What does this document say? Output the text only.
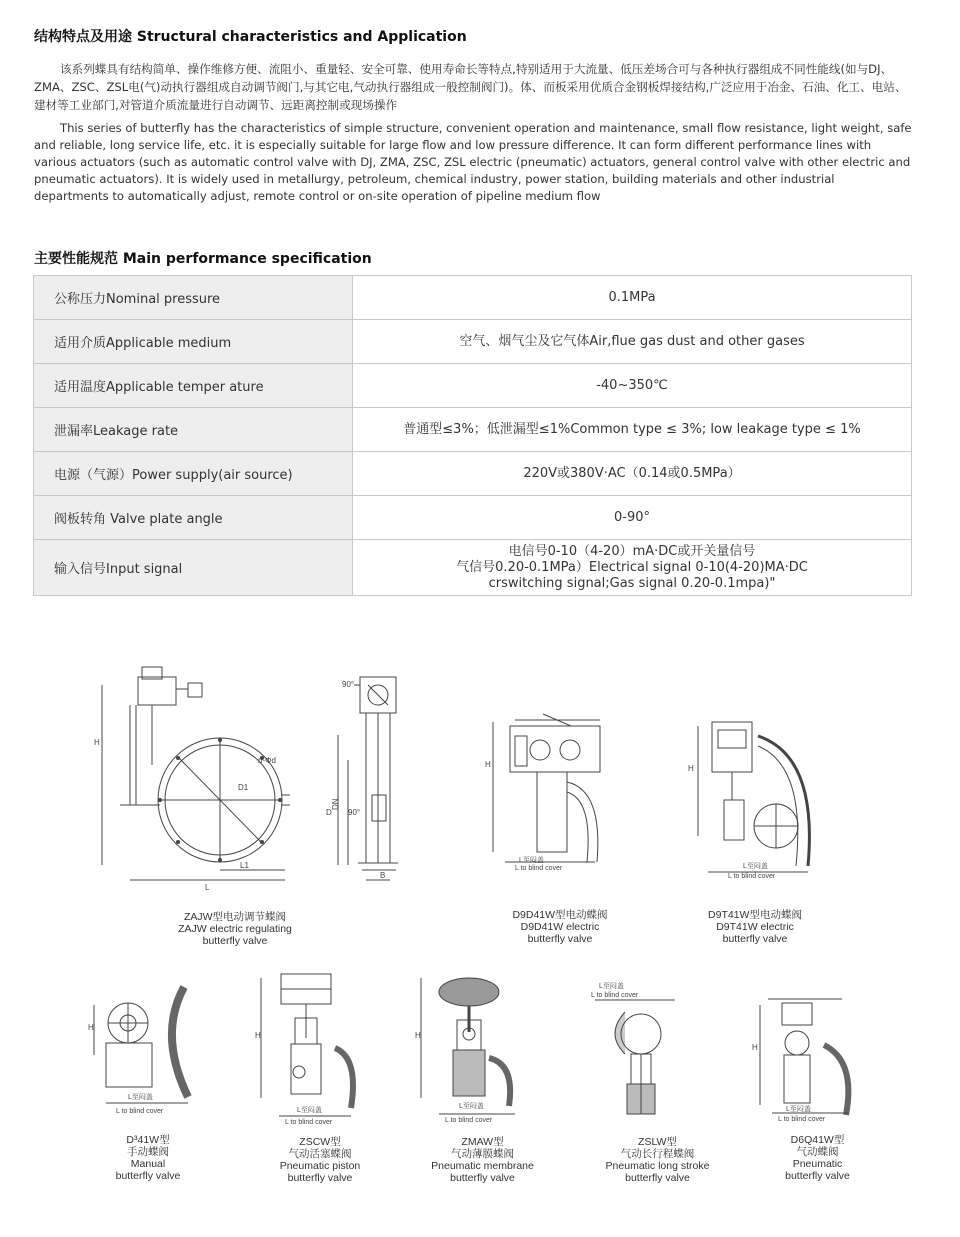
结构特点及用途 Structural characteristics and Application

该系列蝶具有结构简单、操作维修方便、流阻小、重量轻、安全可靠、使用寿命长等特点,特别适用于大流量、低压差场合可与各种执行器组成不同性能线(如与DJ、ZMA、ZSC、ZSL电(气)动执行器组成自动调节阀门,与其它电,气动执行器组成一般控制阀门)。体、而板采用优质合金钢板焊接结构,广泛应用于冶金、石油、化工、电站、建材等工业部门,对管道介质流量进行自动调节、远距离控制或现场操作

This series of butterfly has the characteristics of simple structure, convenient operation and maintenance, small flow resistance, light weight, safe and reliable, long service life, etc. it is especially suitable for large flow and low pressure difference. It can form different performance lines with various actuators (such as automatic control valve with DJ, ZMA, ZSC, ZSL electric (pneumatic) actuators, general control valve with other electric and pneumatic actuators). It is widely used in metallurgy, petroleum, chemical industry, power station, building materials and other industrial departments to automatically adjust, remote control or on-site operation of pipeline medium flow

主要性能规范 Main performance specification
公称压力Nominal pressure	0.1MPa
适用介质Applicable medium	空气、烟气尘及它气体Air,flue gas dust and other gases
适用温度Applicable temper ature	-40~350℃
泄漏率Leakage rate	普通型≤3%；低泄漏型≤1%Common type ≤ 3%; low leakage type ≤ 1%
电源（气源）Power supply(air source)	220V或380V·AC（0.14或0.5MPa）
阀板转角 Valve plate angle	0-90°
输入信号Input signal	电信号0-10（4-20）mA·DC或开关量信号
气信号0.20-0.1MPa）Electrical signal 0-10(4-20)MA·DC
crswitching signal;Gas signal 0.20-0.1mpa)"
H
n-Φd
D1
L1
L
90°
90°
D
DN
B
ZAJW型电动调节蝶阀
ZAJW electric regulating
butterfly valve
H
L至闷盖
L to blind cover
D9D41W型电动蝶阀
D9D41W electric
butterfly valve
H
L至闷盖
L to blind cover
D9T41W型电动蝶阀
D9T41W electric
butterfly valve
H
L至闷盖
L to blind cover
D³41W型
手动蝶阀
Manual
butterfly valve
H
L至闷盖
L to blind cover
ZSCW型
气动活塞蝶阀
Pneumatic piston
butterfly valve
H
L至闷盖
L to blind cover
ZMAW型
气动薄膜蝶阀
Pneumatic membrane
butterfly valve
L至闷盖
L to blind cover
ZSLW型
气动长行程蝶阀
Pneumatic long stroke
butterfly valve
H
L至闷盖
L to blind cover
D6Q41W型
气动蝶阀
Pneumatic
butterfly valve
